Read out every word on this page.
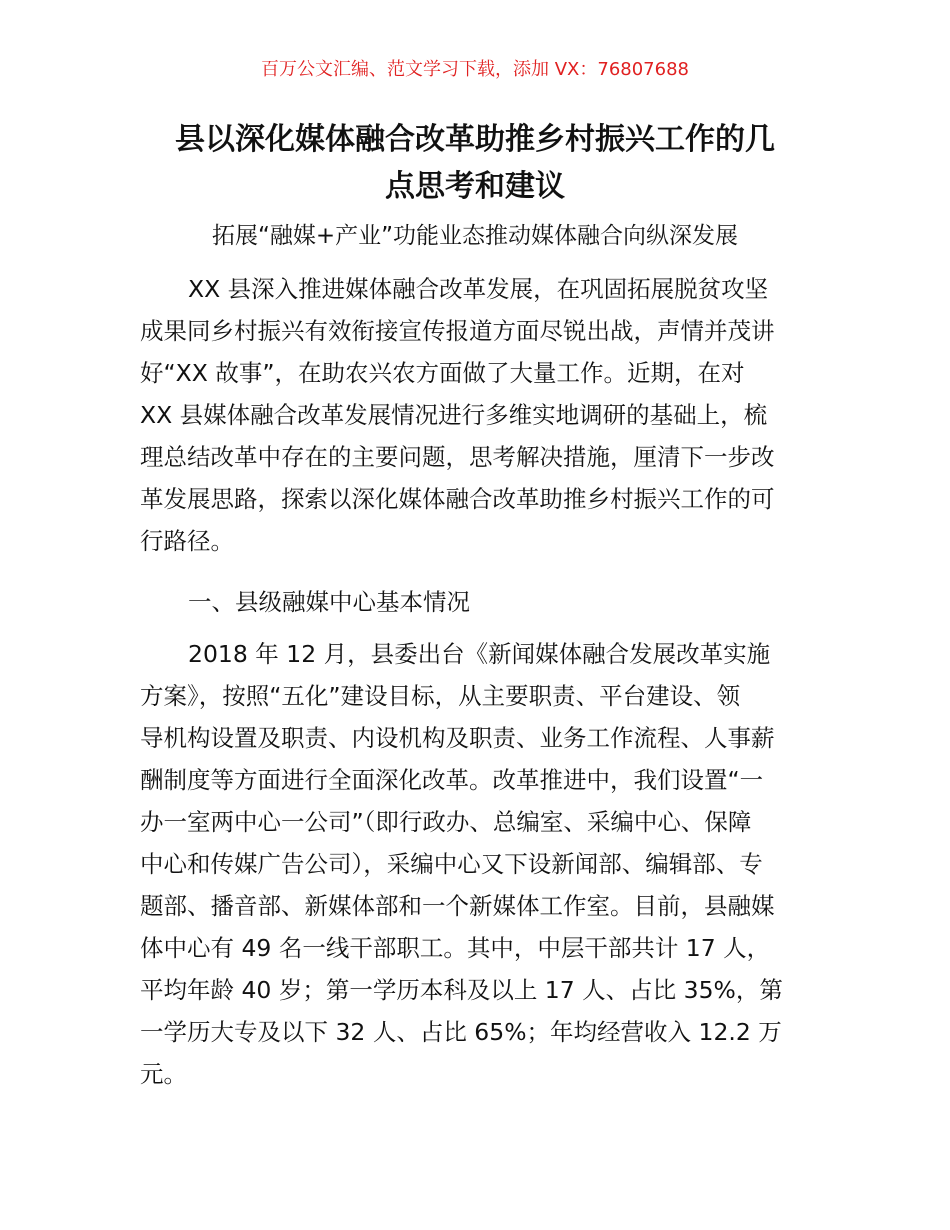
百万公文汇编、范文学习下载，添加 VX：76807688
县以深化媒体融合改革助推乡村振兴工作的几
点思考和建议
拓展“融媒+产业”功能业态推动媒体融合向纵深发展
XX 县深入推进媒体融合改革发展，在巩固拓展脱贫攻坚
成果同乡村振兴有效衔接宣传报道方面尽锐出战，声情并茂讲
好“XX 故事”，在助农兴农方面做了大量工作。近期，在对
XX 县媒体融合改革发展情况进行多维实地调研的基础上，梳
理总结改革中存在的主要问题，思考解决措施，厘清下一步改
革发展思路，探索以深化媒体融合改革助推乡村振兴工作的可
行路径。
一、县级融媒中心基本情况
2018 年 12 月，县委出台《新闻媒体融合发展改革实施
方案》，按照“五化”建设目标，从主要职责、平台建设、领
导机构设置及职责、内设机构及职责、业务工作流程、人事薪
酬制度等方面进行全面深化改革。改革推进中，我们设置“一
办一室两中心一公司”（即行政办、总编室、采编中心、保障
中心和传媒广告公司），采编中心又下设新闻部、编辑部、专
题部、播音部、新媒体部和一个新媒体工作室。目前，县融媒
体中心有 49 名一线干部职工。其中，中层干部共计 17 人，
平均年龄 40 岁；第一学历本科及以上 17 人、占比 35%，第
一学历大专及以下 32 人、占比 65%；年均经营收入 12.2 万
元。
